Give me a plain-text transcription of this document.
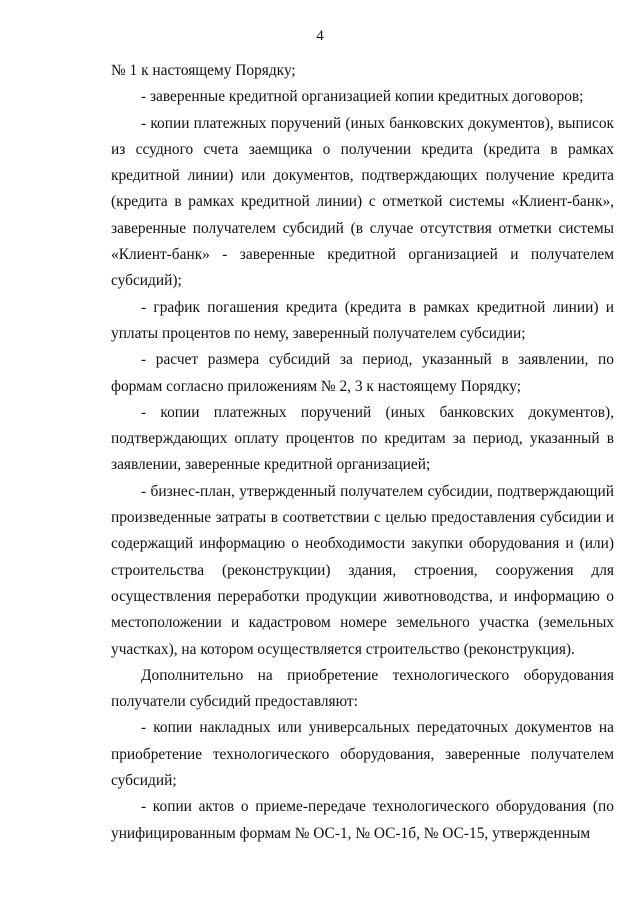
4

№ 1 к настоящему Порядку;

- заверенные кредитной организацией копии кредитных договоров;

- копии платежных поручений (иных банковских документов), выписок из ссудного счета заемщика о получении кредита (кредита в рамках кредитной линии) или документов, подтверждающих получение кредита (кредита в рамках кредитной линии) с отметкой системы «Клиент-банк», заверенные получателем субсидий (в случае отсутствия отметки системы «Клиент-банк» - заверенные кредитной организацией и получателем субсидий);

- график погашения кредита (кредита в рамках кредитной линии) и уплаты процентов по нему, заверенный получателем субсидии;

- расчет размера субсидий за период, указанный в заявлении, по формам согласно приложениям № 2, 3 к настоящему Порядку;

- копии платежных поручений (иных банковских документов), подтверждающих оплату процентов по кредитам за период, указанный в заявлении, заверенные кредитной организацией;

- бизнес-план, утвержденный получателем субсидии, подтверждающий произведенные затраты в соответствии с целью предоставления субсидии и содержащий информацию о необходимости закупки оборудования и (или) строительства (реконструкции) здания, строения, сооружения для осуществления переработки продукции животноводства, и информацию о местоположении и кадастровом номере земельного участка (земельных участках), на котором осуществляется строительство (реконструкция).

Дополнительно на приобретение технологического оборудования получатели субсидий предоставляют:

- копии накладных или универсальных передаточных документов на приобретение технологического оборудования, заверенные получателем субсидий;

- копии актов о приеме-передаче технологического оборудования (по унифицированным формам № ОС-1, № ОС-1б, № ОС-15, утвержденным
